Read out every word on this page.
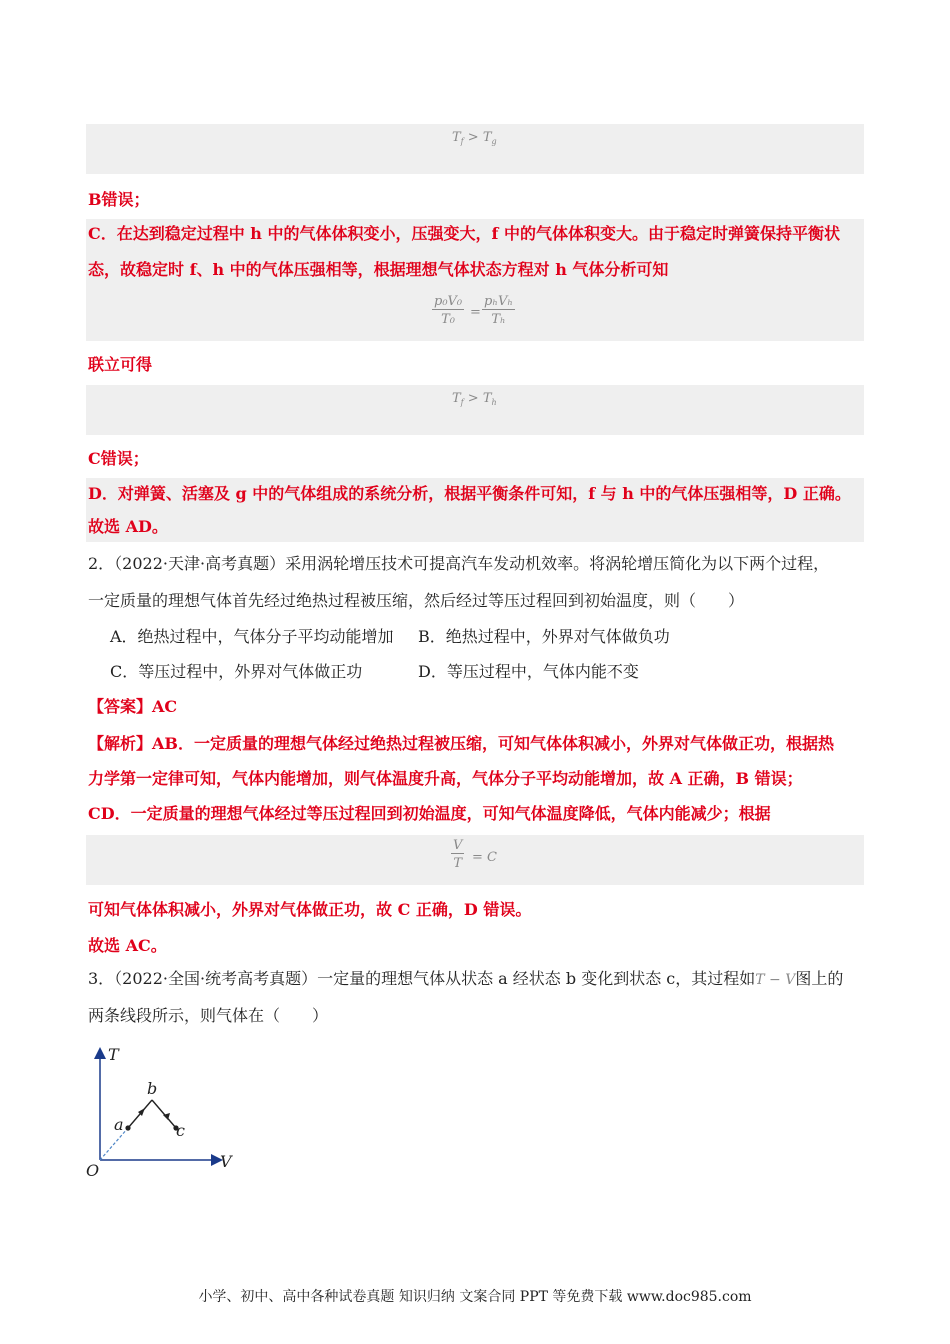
$T_f > T_g$
B错误；
C．在达到稳定过程中 h 中的气体体积变小，压强变大，f 中的气体体积变大。由于稳定时弹簧保持平衡状
态，故稳定时 f、h 中的气体压强相等，根据理想气体状态方程对 h 气体分析可知
p₀V₀
T₀	=
pₕVₕ
Tₕ
联立可得
$T_f > T_h$
C错误；
D．对弹簧、活塞及 g 中的气体组成的系统分析，根据平衡条件可知，f 与 h 中的气体压强相等，D 正确。
故选 AD。
2．（2022·天津·高考真题）采用涡轮增压技术可提高汽车发动机效率。将涡轮增压简化为以下两个过程，
一定质量的理想气体首先经过绝热过程被压缩，然后经过等压过程回到初始温度，则（　　）
A．绝热过程中，气体分子平均动能增加 B．绝热过程中，外界对气体做负功
C．等压过程中，外界对气体做正功	D．等压过程中，气体内能不变
【答案】AC
【解析】AB．一定质量的理想气体经过绝热过程被压缩，可知气体体积减小，外界对气体做正功，根据热
力学第一定律可知，气体内能增加，则气体温度升高，气体分子平均动能增加，故 A 正确，B 错误；
CD．一定质量的理想气体经过等压过程回到初始温度，可知气体温度降低，气体内能减少；根据
V
T = C
可知气体体积减小，外界对气体做正功，故 C 正确，D 错误。
故选 AC。
3．（2022·全国·统考高考真题）一定量的理想气体从状态 a 经状态 b 变化到状态 c，其过程如T − V图上的
两条线段所示，则气体在（　　）
T
V
O
a
b
c
小学、初中、高中各种试卷真题 知识归纳 文案合同 PPT 等免费下载 www.doc985.com
